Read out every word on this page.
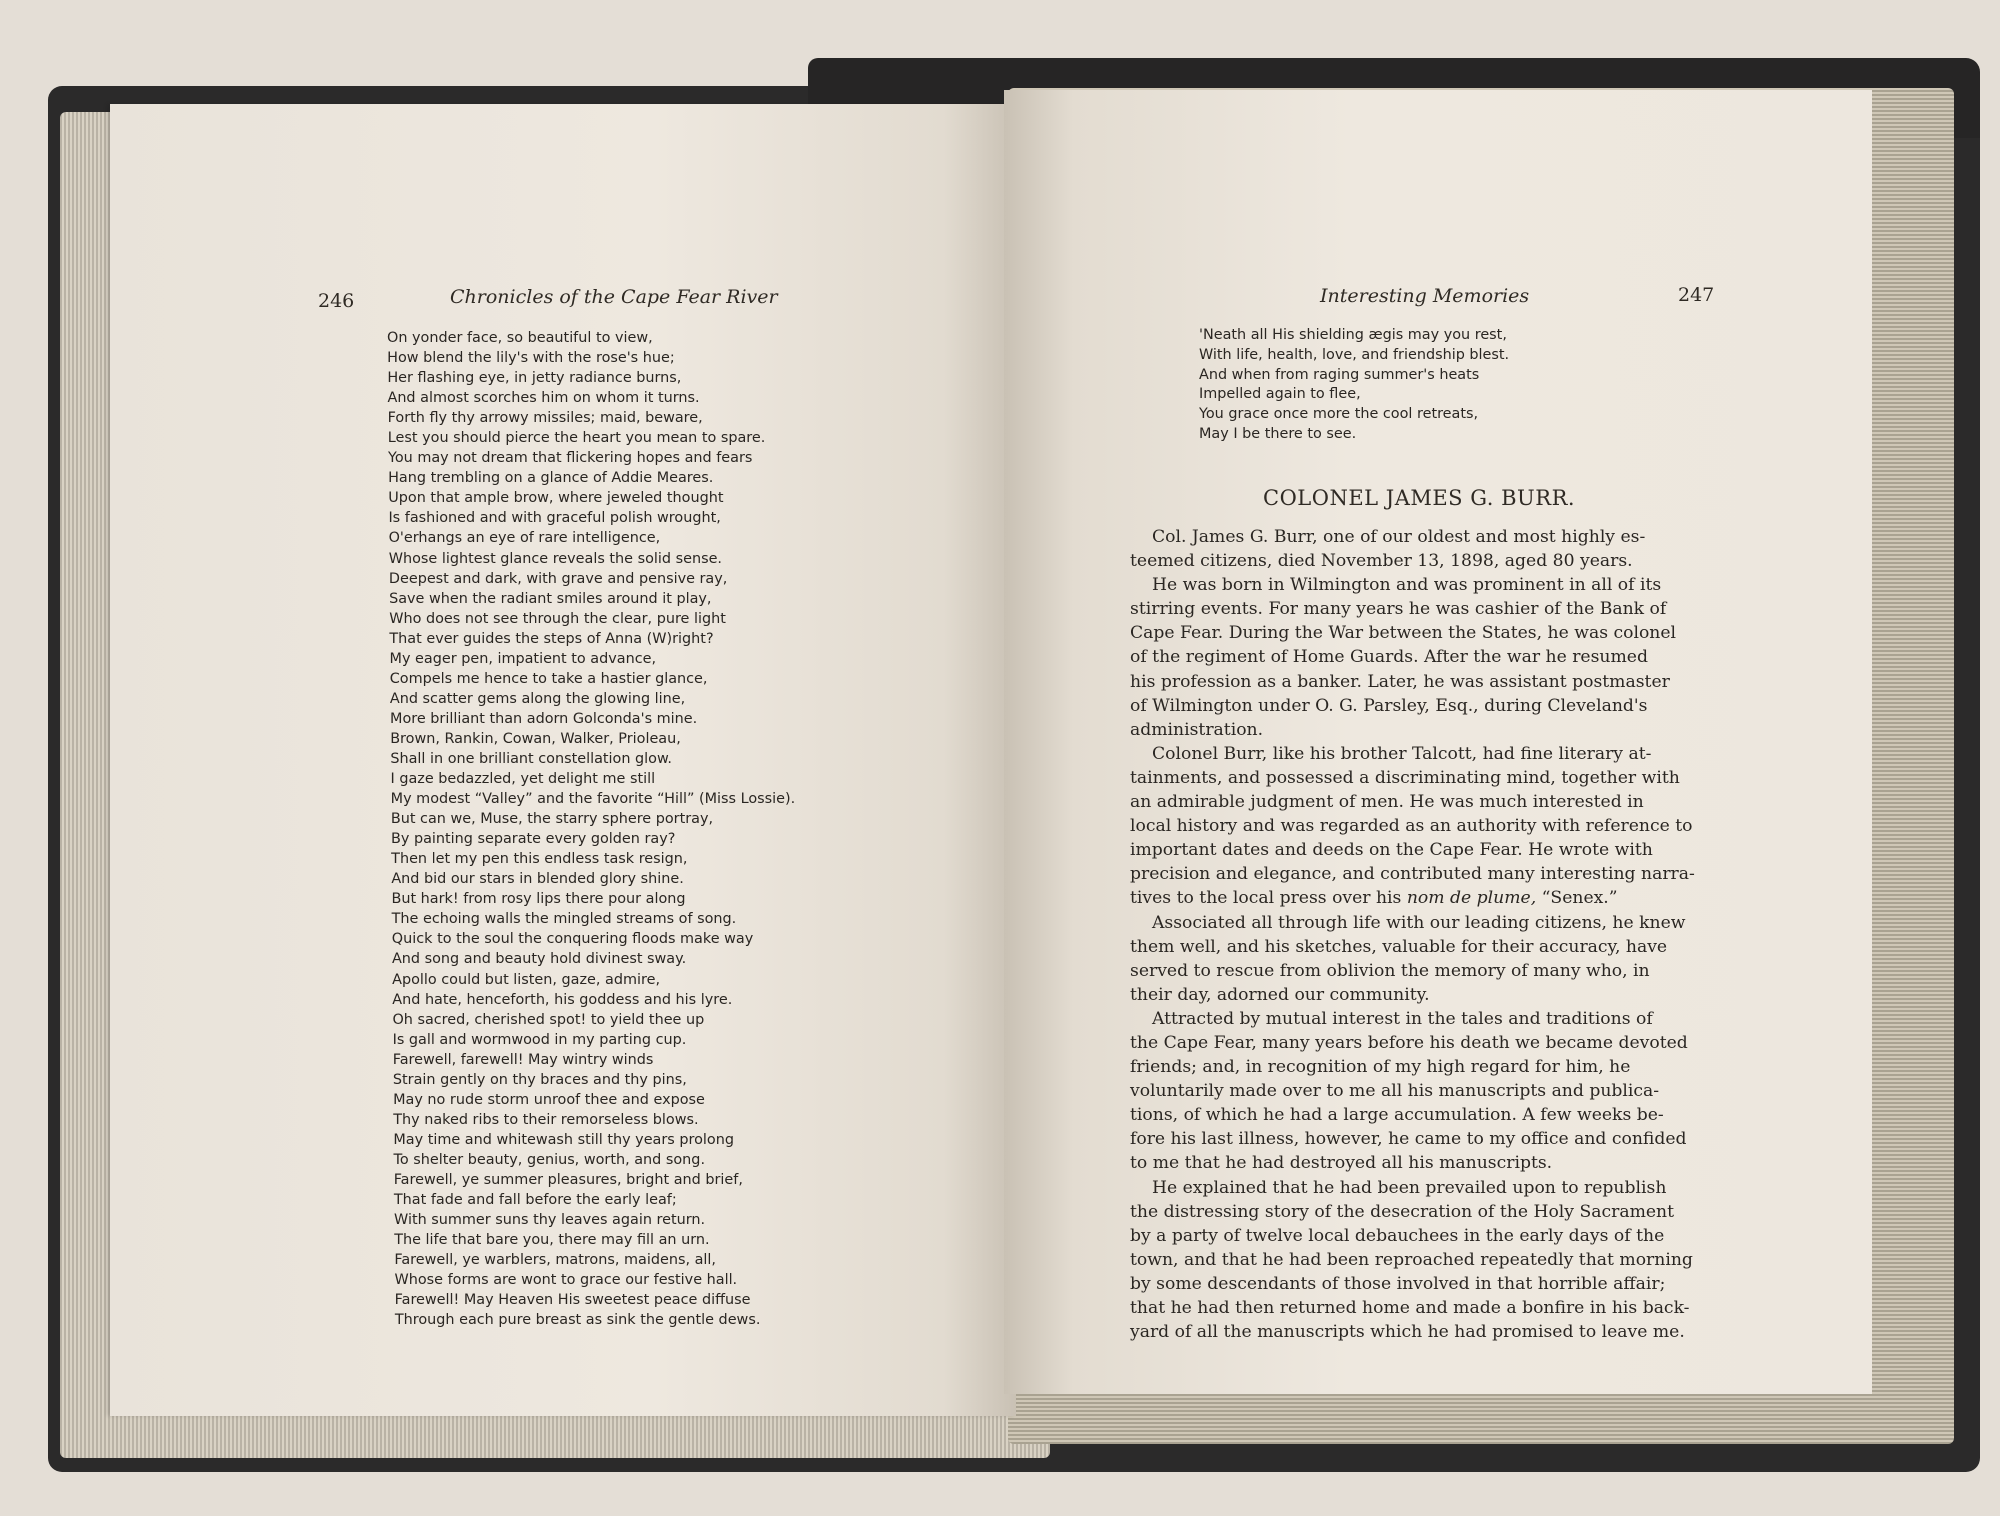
246	Chronicles of the Cape Fear River
On yonder face, so beautiful to view,
How blend the lily's with the rose's hue;
Her flashing eye, in jetty radiance burns,
And almost scorches him on whom it turns.
Forth fly thy arrowy missiles; maid, beware,
Lest you should pierce the heart you mean to spare.
You may not dream that flickering hopes and fears
Hang trembling on a glance of Addie Meares.
Upon that ample brow, where jeweled thought
Is fashioned and with graceful polish wrought,
O'erhangs an eye of rare intelligence,
Whose lightest glance reveals the solid sense.
Deepest and dark, with grave and pensive ray,
Save when the radiant smiles around it play,
Who does not see through the clear, pure light
That ever guides the steps of Anna (W)right?
My eager pen, impatient to advance,
Compels me hence to take a hastier glance,
And scatter gems along the glowing line,
More brilliant than adorn Golconda's mine.
Brown, Rankin, Cowan, Walker, Prioleau,
Shall in one brilliant constellation glow.
I gaze bedazzled, yet delight me still
My modest “Valley” and the favorite “Hill” (Miss Lossie).
But can we, Muse, the starry sphere portray,
By painting separate every golden ray?
Then let my pen this endless task resign,
And bid our stars in blended glory shine.
But hark! from rosy lips there pour along
The echoing walls the mingled streams of song.
Quick to the soul the conquering floods make way
And song and beauty hold divinest sway.
Apollo could but listen, gaze, admire,
And hate, henceforth, his goddess and his lyre.
Oh sacred, cherished spot! to yield thee up
Is gall and wormwood in my parting cup.
Farewell, farewell! May wintry winds
Strain gently on thy braces and thy pins,
May no rude storm unroof thee and expose
Thy naked ribs to their remorseless blows.
May time and whitewash still thy years prolong
To shelter beauty, genius, worth, and song.
Farewell, ye summer pleasures, bright and brief,
That fade and fall before the early leaf;
With summer suns thy leaves again return.
The life that bare you, there may fill an urn.
Farewell, ye warblers, matrons, maidens, all,
Whose forms are wont to grace our festive hall.
Farewell! May Heaven His sweetest peace diffuse
Through each pure breast as sink the gentle dews.
Interesting Memories	247
'Neath all His shielding ægis may you rest,
With life, health, love, and friendship blest.
And when from raging summer's heats
Impelled again to flee,
You grace once more the cool retreats,
May I be there to see.
COLONEL JAMES G. BURR.
Col. James G. Burr, one of our oldest and most highly es-
teemed citizens, died November 13, 1898, aged 80 years.
He was born in Wilmington and was prominent in all of its
stirring events. For many years he was cashier of the Bank of
Cape Fear. During the War between the States, he was colonel
of the regiment of Home Guards. After the war he resumed
his profession as a banker. Later, he was assistant postmaster
of Wilmington under O. G. Parsley, Esq., during Cleveland's
administration.
Colonel Burr, like his brother Talcott, had fine literary at-
tainments, and possessed a discriminating mind, together with
an admirable judgment of men. He was much interested in
local history and was regarded as an authority with reference to
important dates and deeds on the Cape Fear. He wrote with
precision and elegance, and contributed many interesting narra-
tives to the local press over his nom de plume, “Senex.”
Associated all through life with our leading citizens, he knew
them well, and his sketches, valuable for their accuracy, have
served to rescue from oblivion the memory of many who, in
their day, adorned our community.
Attracted by mutual interest in the tales and traditions of
the Cape Fear, many years before his death we became devoted
friends; and, in recognition of my high regard for him, he
voluntarily made over to me all his manuscripts and publica-
tions, of which he had a large accumulation. A few weeks be-
fore his last illness, however, he came to my office and confided
to me that he had destroyed all his manuscripts.
He explained that he had been prevailed upon to republish
the distressing story of the desecration of the Holy Sacrament
by a party of twelve local debauchees in the early days of the
town, and that he had been reproached repeatedly that morning
by some descendants of those involved in that horrible affair;
that he had then returned home and made a bonfire in his back-
yard of all the manuscripts which he had promised to leave me.
